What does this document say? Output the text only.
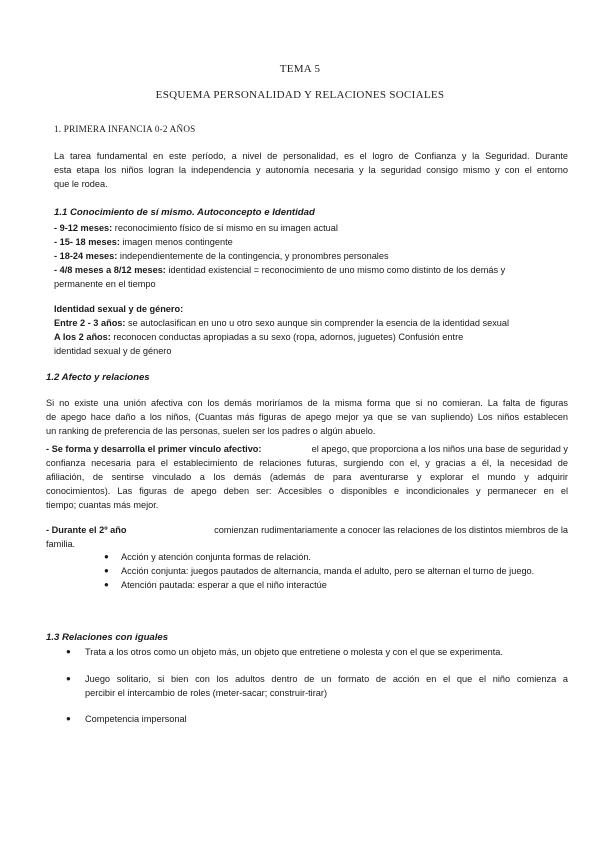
TEMA 5
ESQUEMA PERSONALIDAD Y RELACIONES SOCIALES
1. PRIMERA INFANCIA 0-2 AÑOS
La tarea fundamental en este período, a nivel de personalidad, es el logro de Confianza y la Seguridad. Durante
esta etapa los niños logran la independencia y autonomía necesaria y la seguridad consigo mismo y con el entorno
que le rodea.
1.1 Conocimiento de sí mismo. Autoconcepto e Identidad
- 9-12 meses: reconocimiento físico de sí mismo en su imagen actual
- 15- 18 meses: imagen menos contingente
- 18-24 meses: independientemente de la contingencia, y pronombres personales
- 4/8 meses a 8/12 meses: identidad existencial = reconocimiento de uno mismo como distinto de los demás y
permanente en el tiempo
Identidad sexual y de género:
Entre 2 - 3 años: se autoclasifican en uno u otro sexo aunque sin comprender la esencia de la identidad sexual
A los 2 años: reconocen conductas apropiadas a su sexo (ropa, adornos, juguetes) Confusión entre
identidad sexual y de género
1.2 Afecto y relaciones
Si no existe una unión afectiva con los demás moriríamos de la misma forma que si no comieran. La falta de figuras
de apego hace daño a los niños, (Cuantas más figuras de apego mejor ya que se van supliendo) Los niños establecen
un ranking de preferencia de las personas, suelen ser los padres o algún abuelo.
- Se forma y desarrolla el primer vínculo afectivo:	el apego, que proporciona a los niños una base de seguridad y
confianza necesaria para el establecimiento de relaciones futuras, surgiendo con el, y gracias a él, la necesidad de
afiliación, de sentirse vinculado a los demás (además de para aventurarse y explorar el mundo y adquirir
conocimientos). Las figuras de apego deben ser: Accesibles o disponibles e incondicionales y permanecer en el
tiempo; cuantas más mejor.
- Durante el 2º año	comienzan rudimentariamente a conocer las relaciones de los distintos miembros de la
familia.
● Acción y atención conjunta formas de relación.
● Acción conjunta: juegos pautados de alternancia, manda el adulto, pero se alternan el turno de juego.
● Atención pautada: esperar a que el niño interactúe
1.3 Relaciones con iguales
● Trata a los otros como un objeto más, un objeto que entretiene o molesta y con el que se experimenta.
● Juego solitario, si bien con los adultos dentro de un formato de acción en el que el niño comienza a
percibir el intercambio de roles (meter-sacar; construir-tirar)
● Competencia impersonal
